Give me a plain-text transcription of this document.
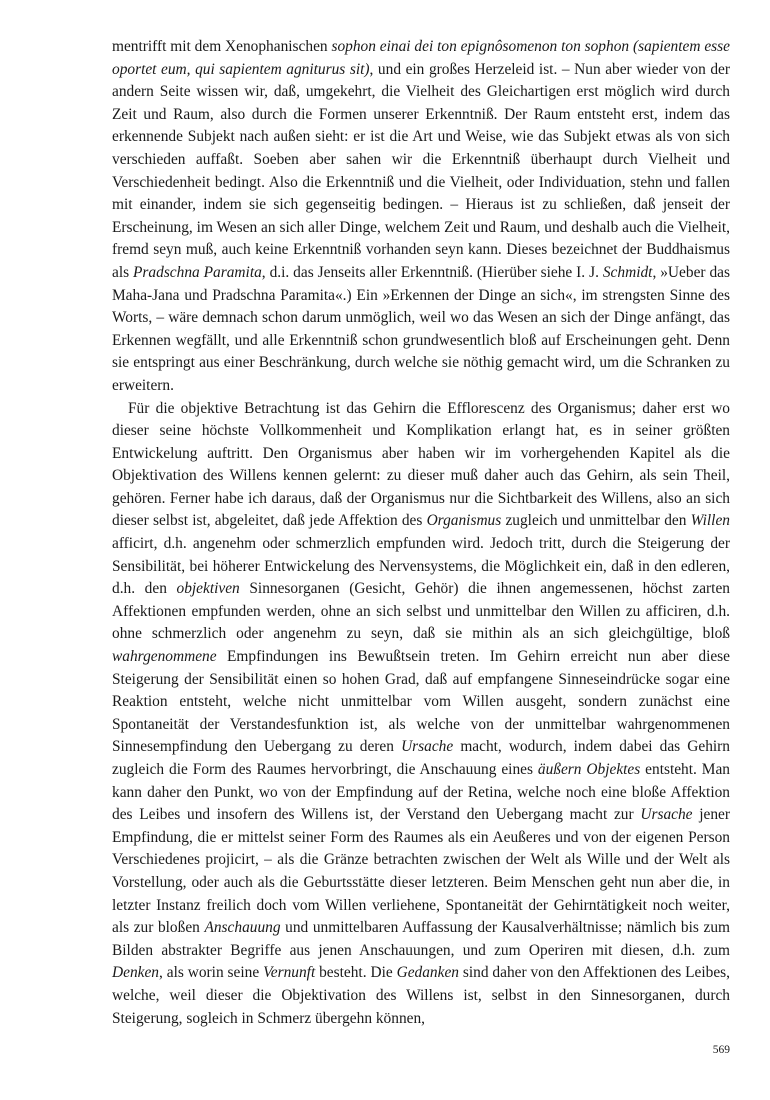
mentrifft mit dem Xenophanischen sophon einai dei ton epignôsomenon ton sophon (sapientem esse oportet eum, qui sapientem agniturus sit), und ein großes Herzeleid ist. – Nun aber wieder von der andern Seite wissen wir, daß, umgekehrt, die Vielheit des Gleichartigen erst möglich wird durch Zeit und Raum, also durch die Formen unserer Erkenntniß. Der Raum entsteht erst, indem das erkennende Subjekt nach außen sieht: er ist die Art und Weise, wie das Subjekt etwas als von sich verschieden auffaßt. Soeben aber sahen wir die Erkenntniß überhaupt durch Vielheit und Verschiedenheit bedingt. Also die Erkenntniß und die Vielheit, oder Individuation, stehn und fallen mit einander, indem sie sich gegenseitig bedingen. – Hieraus ist zu schließen, daß jenseit der Erscheinung, im Wesen an sich aller Dinge, welchem Zeit und Raum, und deshalb auch die Vielheit, fremd seyn muß, auch keine Erkenntniß vorhanden seyn kann. Dieses bezeichnet der Buddhaismus als Pradschna Paramita, d.i. das Jenseits aller Erkenntniß. (Hierüber siehe I. J. Schmidt, »Ueber das Maha-Jana und Pradschna Paramita«.) Ein »Erkennen der Dinge an sich«, im strengsten Sinne des Worts, – wäre demnach schon darum unmöglich, weil wo das Wesen an sich der Dinge anfängt, das Erkennen wegfällt, und alle Erkenntniß schon grundwesentlich bloß auf Erscheinungen geht. Denn sie entspringt aus einer Beschränkung, durch welche sie nöthig gemacht wird, um die Schranken zu erweitern.

Für die objektive Betrachtung ist das Gehirn die Efflorescenz des Organismus; daher erst wo dieser seine höchste Vollkommenheit und Komplikation erlangt hat, es in seiner größten Entwickelung auftritt. Den Organismus aber haben wir im vorhergehenden Kapitel als die Objektivation des Willens kennen gelernt: zu dieser muß daher auch das Gehirn, als sein Theil, gehören. Ferner habe ich daraus, daß der Organismus nur die Sichtbarkeit des Willens, also an sich dieser selbst ist, abgeleitet, daß jede Affektion des Organismus zugleich und unmittelbar den Willen afficirt, d.h. angenehm oder schmerzlich empfunden wird. Jedoch tritt, durch die Steigerung der Sensibilität, bei höherer Entwickelung des Nervensystems, die Möglichkeit ein, daß in den edleren, d.h. den objektiven Sinnesorganen (Gesicht, Gehör) die ihnen angemessenen, höchst zarten Affektionen empfunden werden, ohne an sich selbst und unmittelbar den Willen zu afficiren, d.h. ohne schmerzlich oder angenehm zu seyn, daß sie mithin als an sich gleichgültige, bloß wahrgenommene Empfindungen ins Bewußtsein treten. Im Gehirn erreicht nun aber diese Steigerung der Sensibilität einen so hohen Grad, daß auf empfangene Sinneseindrücke sogar eine Reaktion entsteht, welche nicht unmittelbar vom Willen ausgeht, sondern zunächst eine Spontaneität der Verstandesfunktion ist, als welche von der unmittelbar wahrgenommenen Sinnesempfindung den Uebergang zu deren Ursache macht, wodurch, indem dabei das Gehirn zugleich die Form des Raumes hervorbringt, die Anschauung eines äußern Objektes entsteht. Man kann daher den Punkt, wo von der Empfindung auf der Retina, welche noch eine bloße Affektion des Leibes und insofern des Willens ist, der Verstand den Uebergang macht zur Ursache jener Empfindung, die er mittelst seiner Form des Raumes als ein Aeußeres und von der eigenen Person Verschiedenes projicirt, – als die Gränze betrachten zwischen der Welt als Wille und der Welt als Vorstellung, oder auch als die Geburtsstätte dieser letzteren. Beim Menschen geht nun aber die, in letzter Instanz freilich doch vom Willen verliehene, Spontaneität der Gehirntätigkeit noch weiter, als zur bloßen Anschauung und unmittelbaren Auffassung der Kausalverhältnisse; nämlich bis zum Bilden abstrakter Begriffe aus jenen Anschauungen, und zum Operiren mit diesen, d.h. zum Denken, als worin seine Vernunft besteht. Die Gedanken sind daher von den Affektionen des Leibes, welche, weil dieser die Objektivation des Willens ist, selbst in den Sinnesorganen, durch Steigerung, sogleich in Schmerz übergehn können,

569
